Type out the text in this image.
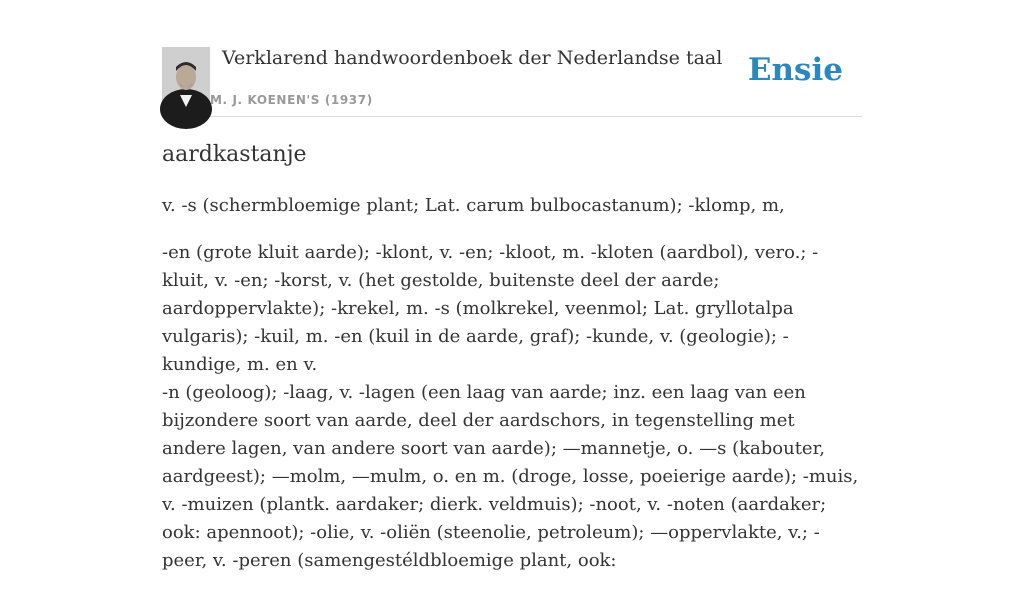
Verklarend handwoordenboek der Nederlandse taal
M. J. KOENEN'S (1937)
Ensie
aardkastanje

v. -s (schermbloemige plant; Lat. carum bulbocastanum); -klomp, m,

-en (grote kluit aarde); -klont, v. -en; -kloot, m. -kloten (aardbol), vero.; -kluit, v. -en; -korst, v. (het gestolde, buitenste deel der aarde; aardoppervlakte); -krekel, m. -s (molkrekel, veenmol; Lat. gryllotalpa vulgaris); -kuil, m. -en (kuil in de aarde, graf); -kunde, v. (geologie); -kundige, m. en v.

-n (geoloog); -laag, v. -lagen (een laag van aarde; inz. een laag van een bijzondere soort van aarde, deel der aardschors, in tegenstelling met andere lagen, van andere soort van aarde); —mannetje, o. —s (kabouter, aardgeest); —molm, —mulm, o. en m. (droge, losse, poeierige aarde); -muis, v. -muizen (plantk. aardaker; dierk. veldmuis); -noot, v. -noten (aardaker; ook: apennoot); -olie, v. -oliën (steenolie, petroleum); —oppervlakte, v.; -peer, v. -peren (samengestéldbloemige plant, ook:
